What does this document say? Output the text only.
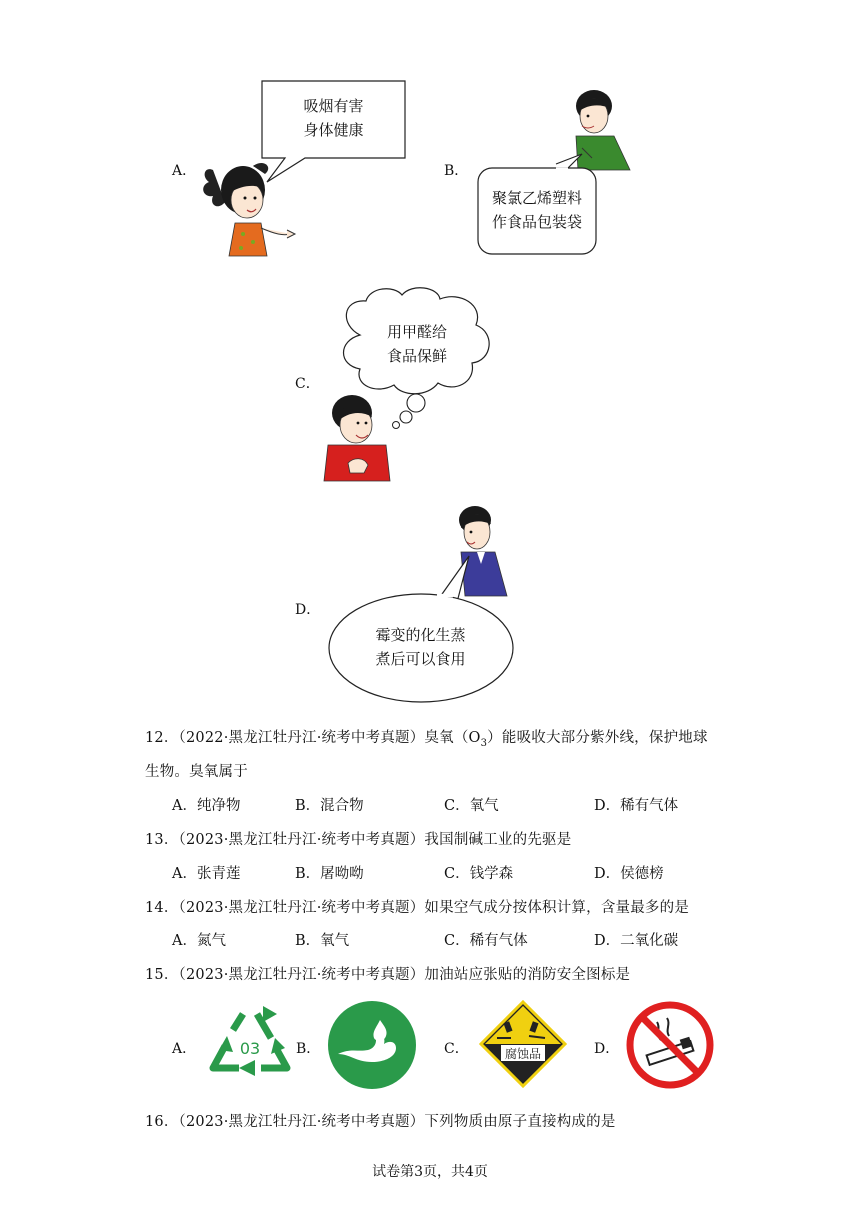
A．
吸烟有害
身体健康
B．
聚氯乙烯塑料
作食品包装袋
C．
用甲醛给
食品保鲜
D．
霉变的化生蒸
煮后可以食用
12．（2022·黑龙江牡丹江·统考中考真题）臭氧$(O_3)$能吸收大部分紫外线，保护地球
生物。臭氧属于
A．纯净物	B．混合物	C．氧气	D．稀有气体
13．（2023·黑龙江牡丹江·统考中考真题）我国制碱工业的先驱是
A．张青莲	B．屠呦呦	C．钱学森	D．侯德榜
14．（2023·黑龙江牡丹江·统考中考真题）如果空气成分按体积计算，含量最多的是
A．氮气	B．氧气	C．稀有气体	D．二氧化碳
15．（2023·黑龙江牡丹江·统考中考真题）加油站应张贴的消防安全图标是
A．	03	B．	C．	腐蚀品	D．
16．（2023·黑龙江牡丹江·统考中考真题）下列物质由原子直接构成的是
试卷第3页，共4页
